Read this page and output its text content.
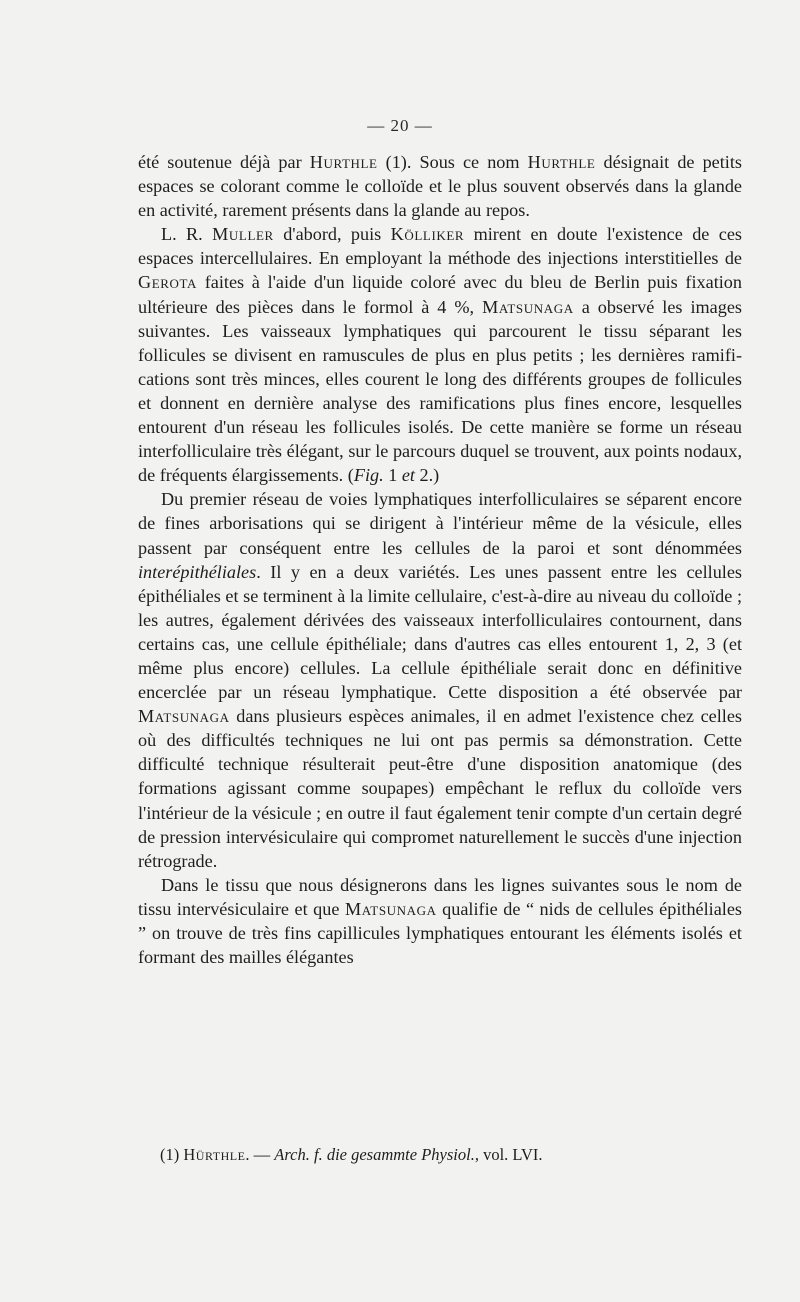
— 20 —

été soutenue déjà par Hurthle (1). Sous ce nom Hurthle désignait de petits espaces se colorant comme le colloïde et le plus souvent observés dans la glande en activité, rarement présents dans la glande au repos.

L. R. Muller d'abord, puis Kölliker mirent en doute l'existence de ces espaces intercellulaires. En employant la méthode des injections interstitielles de Gerota faites à l'aide d'un liquide coloré avec du bleu de Berlin puis fixation ultérieure des pièces dans le formol à 4 %, Matsunaga a observé les images suivantes. Les vaisseaux lymphatiques qui parcourent le tissu séparant les follicules se divisent en ramuscules de plus en plus petits ; les dernières ramifications sont très minces, elles courent le long des différents groupes de follicules et donnent en dernière analyse des ramifications plus fines encore, lesquelles entourent d'un réseau les follicules isolés. De cette manière se forme un réseau interfolliculaire très élégant, sur le parcours duquel se trouvent, aux points nodaux, de fréquents élargissements. (Fig. 1 et 2.)

Du premier réseau de voies lymphatiques interfolliculaires se séparent encore de fines arborisations qui se dirigent à l'intérieur même de la vésicule, elles passent par conséquent entre les cellules de la paroi et sont dénommées interépithéliales. Il y en a deux variétés. Les unes passent entre les cellules épithéliales et se terminent à la limite cellulaire, c'est-à-dire au niveau du colloïde ; les autres, également dérivées des vaisseaux interfolliculaires contournent, dans certains cas, une cellule épithéliale; dans d'autres cas elles entourent 1, 2, 3 (et même plus encore) cellules. La cellule épithéliale serait donc en définitive encerclée par un réseau lymphatique. Cette disposition a été observée par Matsunaga dans plusieurs espèces animales, il en admet l'existence chez celles où des difficultés techniques ne lui ont pas permis sa démonstration. Cette difficulté technique résulterait peut-être d'une disposition anatomique (des formations agissant comme soupapes) empêchant le reflux du colloïde vers l'intérieur de la vésicule ; en outre il faut également tenir compte d'un certain degré de pression intervésiculaire qui compromet naturellement le succès d'une injection rétrograde.

Dans le tissu que nous désignerons dans les lignes suivantes sous le nom de tissu intervésiculaire et que Matsunaga qualifie de “ nids de cellules épithéliales ” on trouve de très fins capillicules lymphatiques entourant les éléments isolés et formant des mailles élégantes

(1) Hürthle. — Arch. f. die gesammte Physiol., vol. LVI.
